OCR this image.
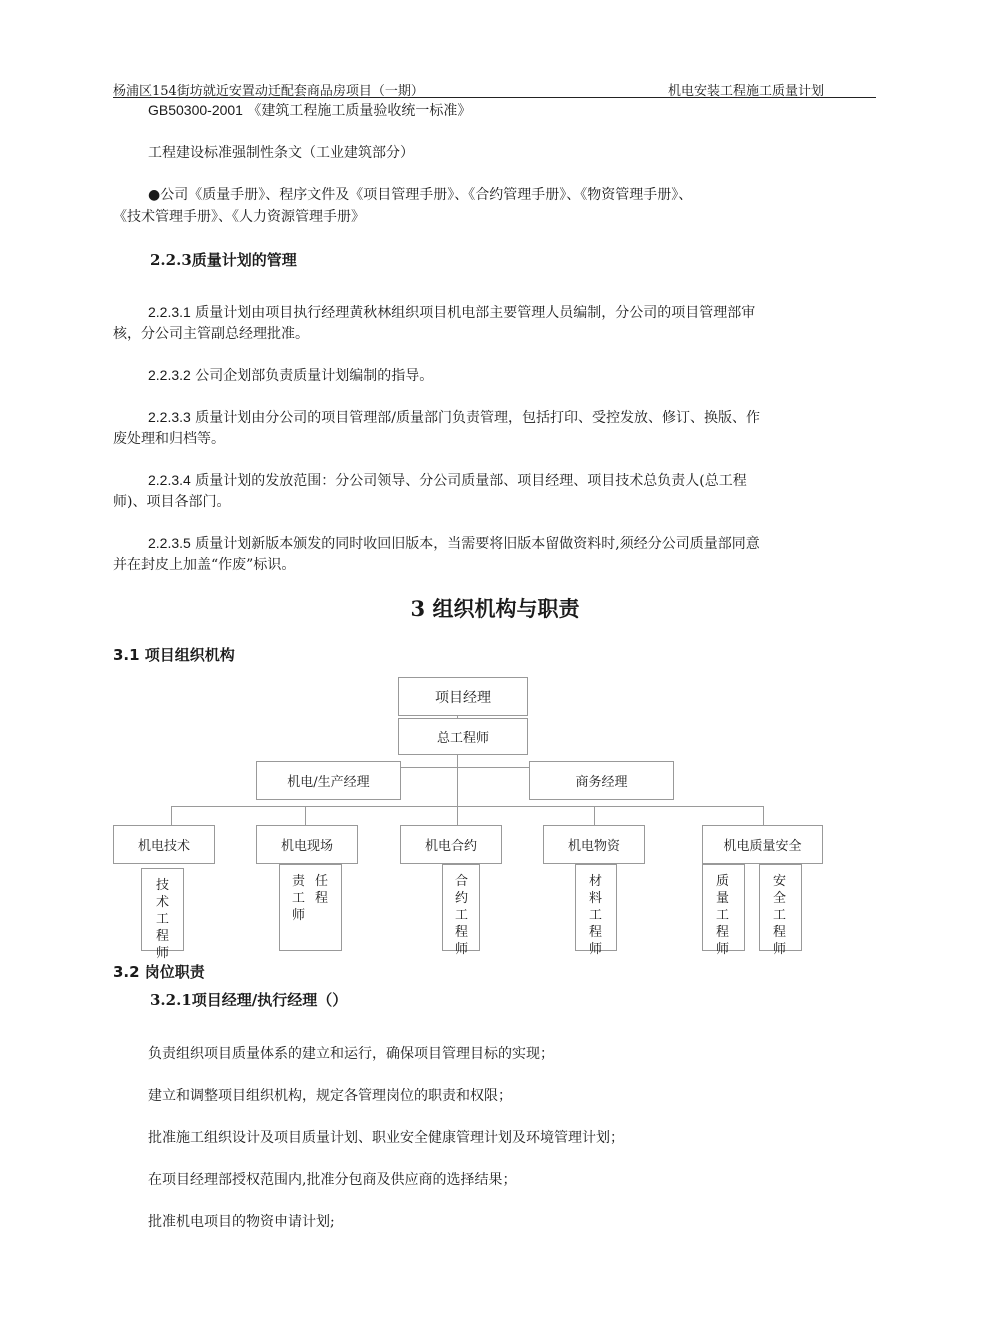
杨浦区154街坊就近安置动迁配套商品房项目（一期）	机电安装工程施工质量计划
GB50300-2001 《建筑工程施工质量验收统一标准》
工程建设标准强制性条文（工业建筑部分）
●公司《质量手册》、程序文件及《项目管理手册》、《合约管理手册》、《物资管理手册》、
《技术管理手册》、《人力资源管理手册》
2.2.3质量计划的管理
2.2.3.1 质量计划由项目执行经理黄秋林组织项目机电部主要管理人员编制，分公司的项目管理部审
核，分公司主管副总经理批准。
2.2.3.2 公司企划部负责质量计划编制的指导。
2.2.3.3 质量计划由分公司的项目管理部/质量部门负责管理，包括打印、受控发放、修订、换版、作
废处理和归档等。
2.2.3.4 质量计划的发放范围：分公司领导、分公司质量部、项目经理、项目技术总负责人(总工程
师)、项目各部门。
2.2.3.5 质量计划新版本颁发的同时收回旧版本，当需要将旧版本留做资料时,须经分公司质量部同意
并在封皮上加盖“作废”标识。
3 组织机构与职责
3.1 项目组织机构
项目经理
总工程师
机电/生产经理	商务经理
机电技术	机电现场	机电合约	机电物资	机电质量安全
技术工程师
责工师
任程
合约工程师
材料工程师
质量工程师
安全工程师
3.2 岗位职责
3.2.1项目经理/执行经理（）
负责组织项目质量体系的建立和运行，确保项目管理目标的实现；
建立和调整项目组织机构，规定各管理岗位的职责和权限；
批准施工组织设计及项目质量计划、职业安全健康管理计划及环境管理计划；
在项目经理部授权范围内,批准分包商及供应商的选择结果；
批准机电项目的物资申请计划;
